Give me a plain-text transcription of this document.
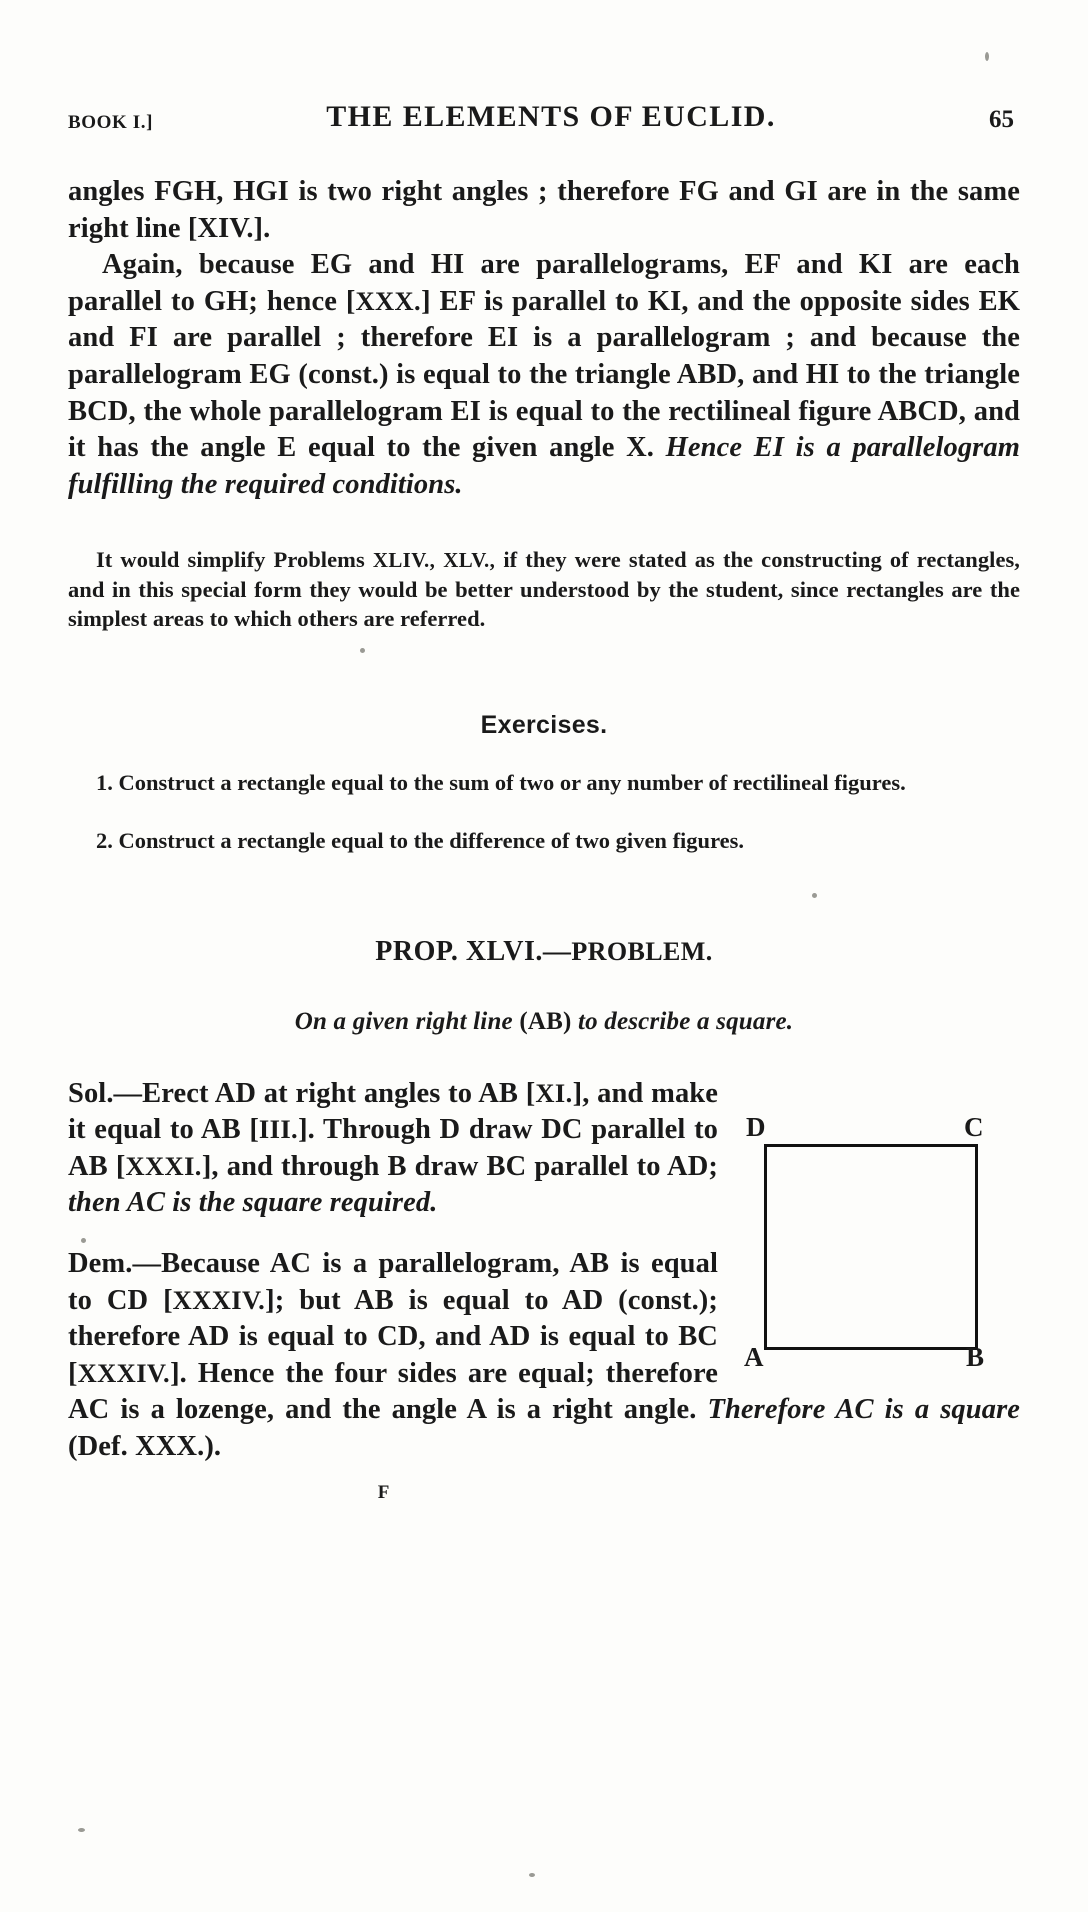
BOOK I.]	THE ELEMENTS OF EUCLID.	65

angles FGH, HGI is two right angles ; therefore FG and GI are in the same right line [XIV.].

Again, because EG and HI are parallelograms, EF and KI are each parallel to GH; hence [XXX.] EF is parallel to KI, and the opposite sides EK and FI are parallel ; therefore EI is a parallelogram ; and because the parallelogram EG (const.) is equal to the triangle ABD, and HI to the triangle BCD, the whole parallelogram EI is equal to the rectilineal figure ABCD, and it has the angle E equal to the given angle X. Hence EI is a parallelogram fulfilling the required conditions.

It would simplify Problems XLIV., XLV., if they were stated as the constructing of rectangles, and in this special form they would be better understood by the student, since rectangles are the simplest areas to which others are referred.

Exercises.

1. Construct a rectangle equal to the sum of two or any number of rectilineal figures.

2. Construct a rectangle equal to the difference of two given figures.

PROP. XLVI.—PROBLEM.
On a given right line (AB) to describe a square.
D	C
A	B

Sol.—Erect AD at right angles to AB [XI.], and make it equal to AB [III.]. Through D draw DC parallel to AB [XXXI.], and through B draw BC parallel to AD; then AC is the square required.

Dem.—Because AC is a parallelogram, AB is equal to CD [XXXIV.]; but AB is equal to AD (const.); therefore AD is equal to CD, and AD is equal to BC [XXXIV.]. Hence the four sides are equal; therefore AC is a lozenge, and the angle A is a right angle. Therefore AC is a square (Def. XXX.).

F
